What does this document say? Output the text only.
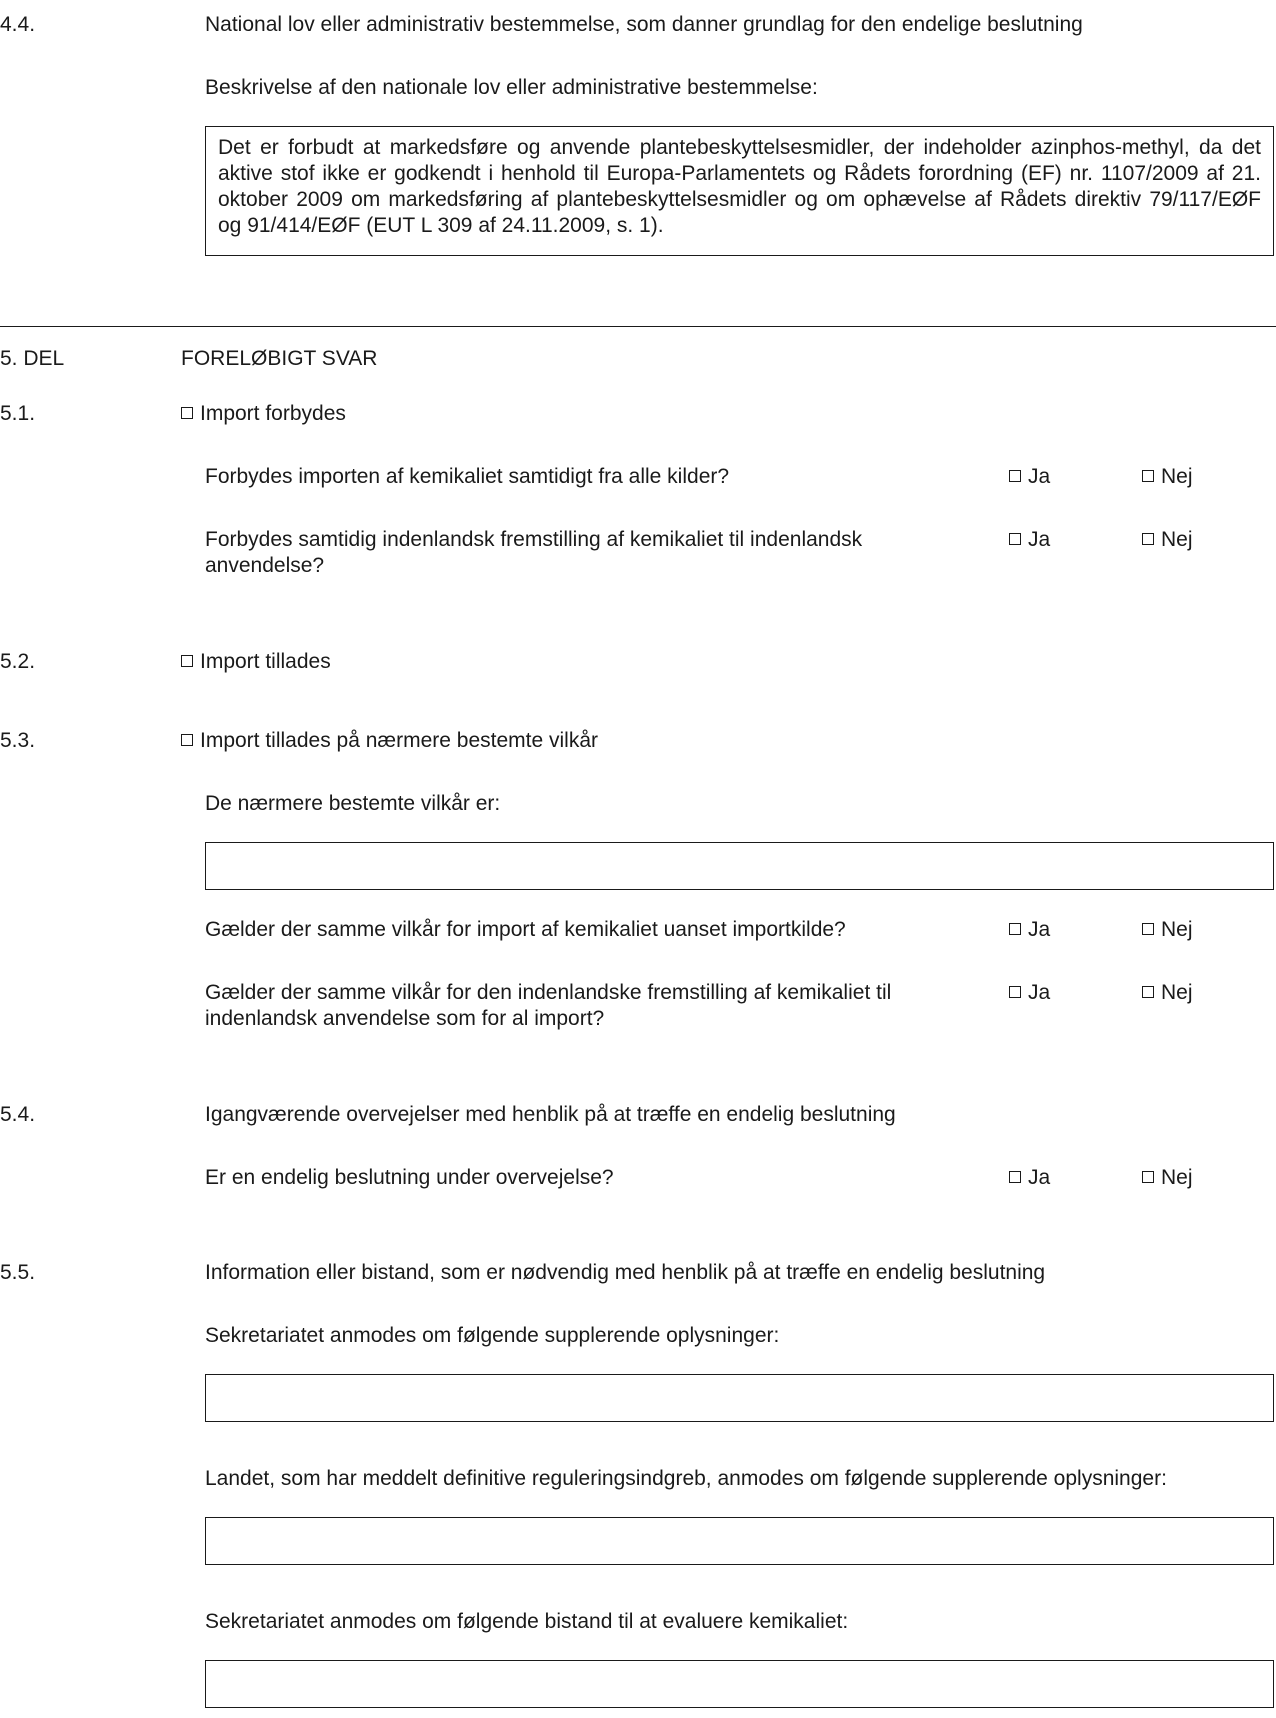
4.4.	National lov eller administrativ bestemmelse, som danner grundlag for den endelige beslutning
Beskrivelse af den nationale lov eller administrative bestemmelse:
Det er forbudt at markedsføre og anvende plantebeskyttelsesmidler, der indeholder azinphos-methyl, da det aktive stof ikke er godkendt i henhold til Europa-Parlamentets og Rådets forordning (EF) nr. 1107/2009 af 21. oktober 2009 om markedsføring af plantebeskyttelsesmidler og om ophævelse af Rådets direktiv 79/117/EØF og 91/414/EØF (EUT L 309 af 24.11.2009, s. 1).
5. DEL	FORELØBIGT SVAR
5.1.	Import forbydes
Forbydes importen af kemikaliet samtidigt fra alle kilder?	Ja	Nej
Forbydes samtidig indenlandsk fremstilling af kemikaliet til indenlandsk
anvendelse?
Ja	Nej
5.2.	Import tillades
5.3.	Import tillades på nærmere bestemte vilkår
De nærmere bestemte vilkår er:
Gælder der samme vilkår for import af kemikaliet uanset importkilde?	Ja	Nej
Gælder der samme vilkår for den indenlandske fremstilling af kemikaliet til
indenlandsk anvendelse som for al import?
Ja	Nej
5.4.	Igangværende overvejelser med henblik på at træffe en endelig beslutning
Er en endelig beslutning under overvejelse?	Ja	Nej
5.5.	Information eller bistand, som er nødvendig med henblik på at træffe en endelig beslutning
Sekretariatet anmodes om følgende supplerende oplysninger:
Landet, som har meddelt definitive reguleringsindgreb, anmodes om følgende supplerende oplysninger:
Sekretariatet anmodes om følgende bistand til at evaluere kemikaliet:
